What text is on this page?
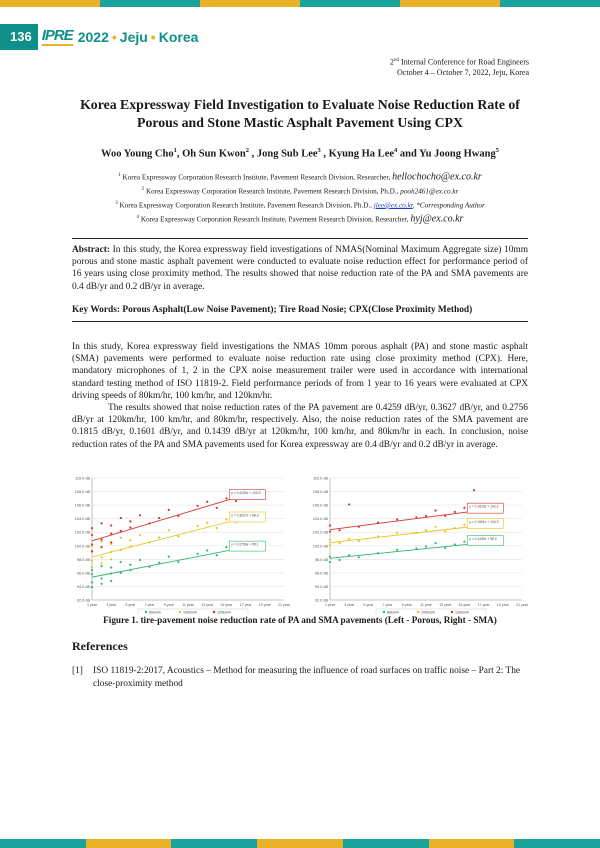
136 IPRE 2022 • Jeju • Korea
2nd Internal Conference for Road Engineers
October 4 – October 7, 2022, Jeju, Korea
Korea Expressway Field Investigation to Evaluate Noise Reduction Rate of
Porous and Stone Mastic Asphalt Pavement Using CPX
Woo Young Cho$^1$, Oh Sun Kwon$^2$ , Jong Sub Lee$^3$ , Kyung Ha Lee$^4$ and Yu Joong Hwang$^5$
$^1$ Korea Expressway Corporation Research Institute, Pavement Research Division, Researcher, hellochocho@ex.co.kr
$^2$ Korea Expressway Corporation Research Institute, Pavement Research Division, Ph.D., pooh2461@ex.co.kr
$^3$ Korea Expressway Corporation Research Institute, Pavement Research Division, Ph.D., jlee@ex.co.kr, *Corresponding Author
$^4$ Korea Expressway Corporation Research Institute, Pavement Research Division, Researcher, hyj@ex.co.kr
Abstract: In this study, the Korea expressway field investigations of NMAS(Nominal Maximum Aggregate size) 10mm porous and stone mastic asphalt pavement were conducted to evaluate noise reduction effect for performance period of 16 years using close proximity method. The results showed that noise reduction rate of the PA and SMA pavements are 0.4 dB/yr and 0.2 dB/yr in average.
Key Words: Porous Asphalt(Low Noise Pavement); Tire Road Nosie; CPX(Close Proximity Method)

In this study, Korea expressway field investigations the NMAS 10mm porous asphalt (PA) and stone mastic asphalt (SMA) pavements were performed to evaluate noise reduction rate using close proximity method (CPX). Here, mandatory microphones of 1, 2 in the CPX noise measurement trailer were used in accordance with international standard testing method of ISO 11819-2. Field performance periods of from 1 year to 16 years were evaluated at CPX driving speeds of 80km/hr, 100 km/hr, and 120km/hr.

The results showed that noise reduction rates of the PA pavement are 0.4259 dB/yr, 0.3627 dB/yr, and 0.2756 dB/yr at 120km/hr, 100 km/hr, and 80km/hr, respectively. Also, the noise reduction rates of the SMA pavement are 0.1815 dB/yr, 0.1601 dB/yr, and 0.1439 dB/yr at 120km/hr, 100 km/hr, and 80km/hr in each. In conclusion, noise reduction rates of the PA and SMA pavements used for Korea expressway are 0.4 dB/yr and 0.2 dB/yr in average.

92.0 dB
94.0 dB
96.0 dB
98.0 dB
100.0 dB
102.0 dB
104.0 dB
106.0 dB
108.0 dB
110.0 dB
1 year	3 year	5 year	7 year	9 year 11 year 13 year 15 year 17 year 19 year 21 year
y = 0.2756x + 95.1
y = 0.3627x + 98.0
y = 0.4259x + 100.3
80km/h	100km/h	120km/h
92.0 dB
94.0 dB
96.0 dB
98.0 dB
100.0 dB
102.0 dB
104.0 dB
106.0 dB
108.0 dB
110.0 dB
1 year	3 year	5 year	7 year	9 year 11 year 13 year 15 year 17 year 19 year 21 year
y = 0.1439x + 98.0
y = 0.1601x + 100.3
y = 0.1815x + 102.2
80km/h	100km/h	120km/h
Figure 1. tire-pavement noise reduction rate of PA and SMA pavements (Left - Porous, Right - SMA)
References
[1]	ISO 11819-2:2017, Acoustics – Method for measuring the influence of road surfaces on traffic noise – Part 2: The close-proximity method
